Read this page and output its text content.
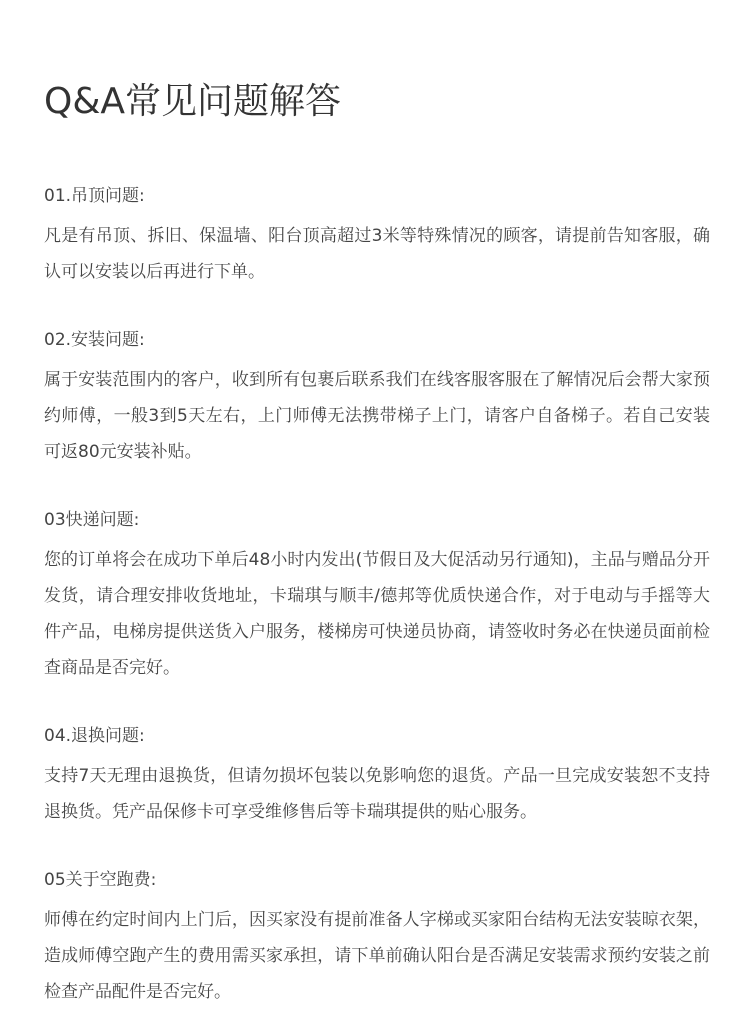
Q&A常见问题解答

01.吊顶问题:

凡是有吊顶、拆旧、保温墙、阳台顶高超过3米等特殊情况的顾客，请提前告知客服，确认可以安装以后再进行下单。

02.安装问题:

属于安装范围内的客户，收到所有包裹后联系我们在线客服客服在了解情况后会帮大家预约师傅，一般3到5天左右，上门师傅无法携带梯子上门，请客户自备梯子。若自己安装可返80元安装补贴。

03快递问题:

您的订单将会在成功下单后48小时内发出(节假日及大促活动另行通知)，主品与赠品分开发货，请合理安排收货地址，卡瑞琪与顺丰/德邦等优质快递合作，对于电动与手摇等大件产品，电梯房提供送货入户服务，楼梯房可快递员协商，请签收时务必在快递员面前检查商品是否完好。

04.退换问题:

支持7天无理由退换货，但请勿损坏包装以免影响您的退货。产品一旦完成安装恕不支持退换货。凭产品保修卡可享受维修售后等卡瑞琪提供的贴心服务。

05关于空跑费:

师傅在约定时间内上门后，因买家没有提前准备人字梯或买家阳台结构无法安装晾衣架，造成师傅空跑产生的费用需买家承担，请下单前确认阳台是否满足安装需求预约安装之前检查产品配件是否完好。
